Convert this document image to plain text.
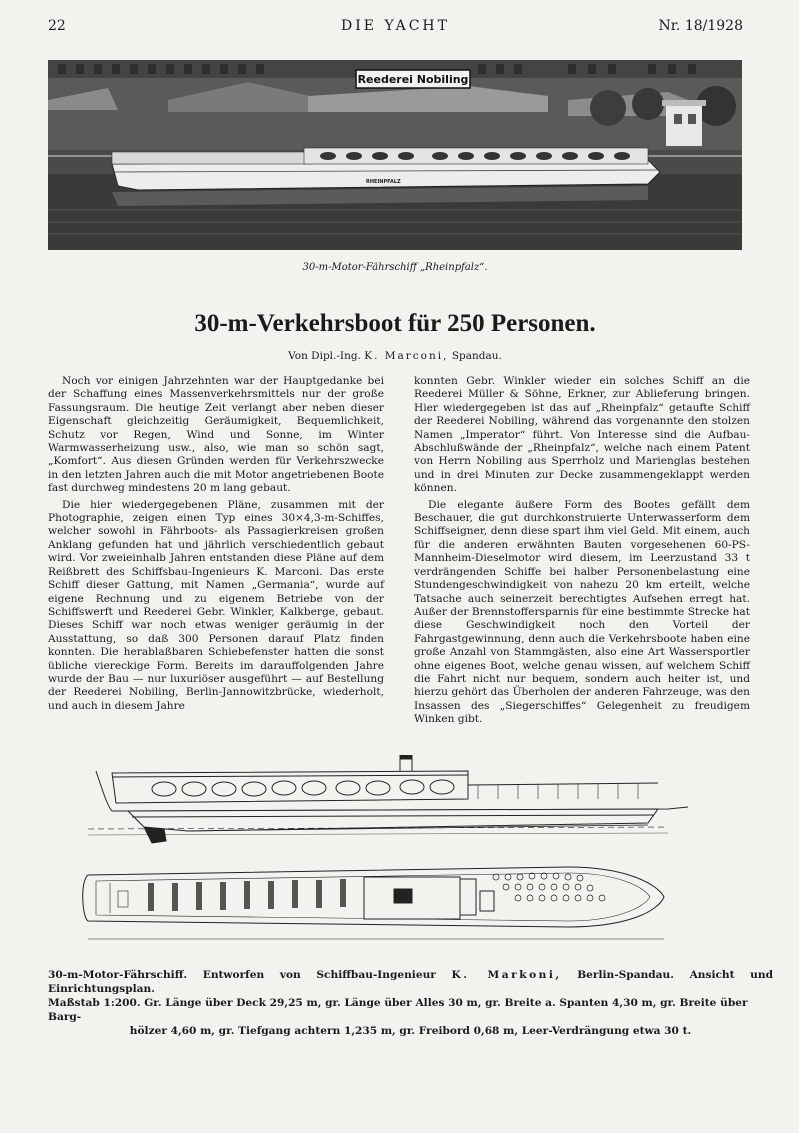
22	DIE YACHT	Nr. 18/1928
Reederei Nobiling
RHEINPFALZ
30-m-Motor-Fährschiff „Rheinpfalz“.
30-m-Verkehrsboot für 250 Personen.
Von Dipl.-Ing. K. Marconi, Spandau.

Noch vor einigen Jahrzehnten war der Hauptgedanke bei der Schaffung eines Massenverkehrsmittels nur der große Fassungsraum. Die heutige Zeit verlangt aber neben dieser Eigenschaft gleichzeitig Geräumigkeit, Bequemlichkeit, Schutz vor Regen, Wind und Sonne, im Winter Warmwasserheizung usw., also, wie man so schön sagt, „Komfort“. Aus diesen Gründen werden für Verkehrszwecke in den letzten Jahren auch die mit Motor angetriebenen Boote fast durchweg mindestens 20 m lang gebaut.

Die hier wiedergegebenen Pläne, zusammen mit der Photographie, zeigen einen Typ eines 30×4,3-m-Schiffes, welcher sowohl in Fährboots- als Passagierkreisen großen Anklang gefunden hat und jährlich verschiedentlich gebaut wird. Vor zweieinhalb Jahren entstanden diese Pläne auf dem Reißbrett des Schiffsbau-Ingenieurs K. Marconi. Das erste Schiff dieser Gattung, mit Namen „Germania“, wurde auf eigene Rechnung und zu eigenem Betriebe von der Schiffswerft und Reederei Gebr. Winkler, Kalkberge, gebaut. Dieses Schiff war noch etwas weniger geräumig in der Ausstattung, so daß 300 Personen darauf Platz finden konnten. Die herablaßbaren Schiebefenster hatten die sonst übliche viereckige Form. Bereits im darauffolgenden Jahre wurde der Bau — nur luxuriöser ausgeführt — auf Bestellung der Reederei Nobiling, Berlin-Jannowitzbrücke, wiederholt, und auch in diesem Jahre

konnten Gebr. Winkler wieder ein solches Schiff an die Reederei Müller & Söhne, Erkner, zur Ablieferung bringen. Hier wiedergegeben ist das auf „Rheinpfalz“ getaufte Schiff der Reederei Nobiling, während das vorgenannte den stolzen Namen „Imperator“ führt. Von Interesse sind die Aufbau-Abschlußwände der „Rheinpfalz“, welche nach einem Patent von Herrn Nobiling aus Sperrholz und Marienglas bestehen und in drei Minuten zur Decke zusammengeklappt werden können.

Die elegante äußere Form des Bootes gefällt dem Beschauer, die gut durchkonstruierte Unterwasserform dem Schiffseigner, denn diese spart ihm viel Geld. Mit einem, auch für die anderen erwähnten Bauten vorgesehenen 60-PS-Mannheim-Dieselmotor wird diesem, im Leerzustand 33 t verdrängenden Schiffe bei halber Personenbelastung eine Stundengeschwindigkeit von nahezu 20 km erteilt, welche Tatsache auch seinerzeit berechtigtes Aufsehen erregt hat. Außer der Brennstoffersparnis für eine bestimmte Strecke hat diese Geschwindigkeit noch den Vorteil der Fahrgastgewinnung, denn auch die Verkehrsboote haben eine große Anzahl von Stammgästen, also eine Art Wassersportler ohne eigenes Boot, welche genau wissen, auf welchem Schiff die Fahrt nicht nur bequem, sondern auch heiter ist, und hierzu gehört das Überholen der anderen Fahrzeuge, was den Insassen des „Siegerschiffes“ Gelegenheit zu freudigem Winken gibt.

30-m-Motor-Fährschiff. Entworfen von Schiffbau-Ingenieur K. Markoni, Berlin-Spandau. Ansicht und Einrichtungsplan.
Maßstab 1:200. Gr. Länge über Deck 29,25 m, gr. Länge über Alles 30 m, gr. Breite a. Spanten 4,30 m, gr. Breite über Barg-
hölzer 4,60 m, gr. Tiefgang achtern 1,235 m, gr. Freibord 0,68 m, Leer-Verdrängung etwa 30 t.
